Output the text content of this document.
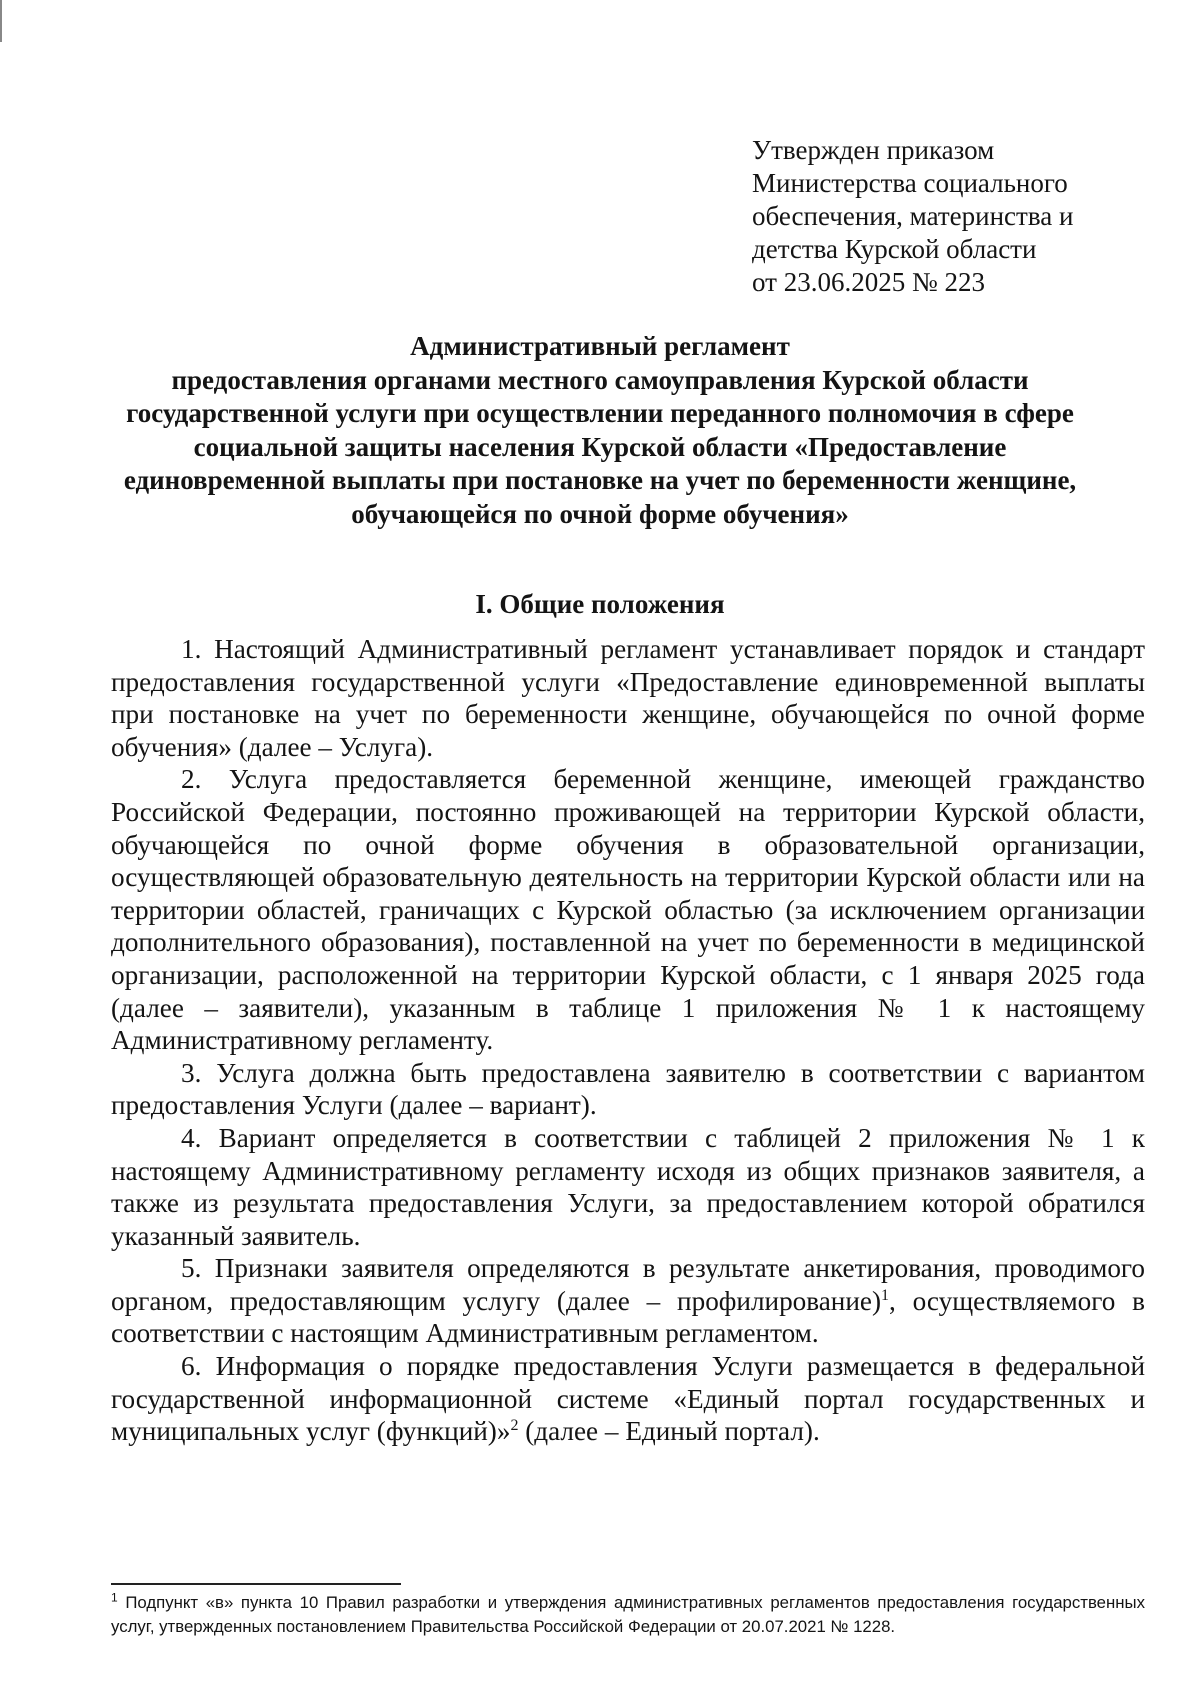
Утвержден приказом
Министерства социального
обеспечения, материнства и
детства Курской области
от 23.06.2025 № 223
Административный регламент
предоставления органами местного самоуправления Курской области
государственной услуги при осуществлении переданного полномочия в сфере
социальной защиты населения Курской области «Предоставление
единовременной выплаты при постановке на учет по беременности женщине,
обучающейся по очной форме обучения»
I. Общие положения

1. Настоящий Административный регламент устанавливает порядок и стандарт предоставления государственной услуги «Предоставление единовременной выплаты при постановке на учет по беременности женщине, обучающейся по очной форме обучения» (далее – Услуга).

2. Услуга предоставляется беременной женщине, имеющей гражданство Российской Федерации, постоянно проживающей на территории Курской области, обучающейся по очной форме обучения в образовательной организации, осуществляющей образовательную деятельность на территории Курской области или на территории областей, граничащих с Курской областью (за исключением организации дополнительного образования), поставленной на учет по беременности в медицинской организации, расположенной на территории Курской области, с 1 января 2025 года (далее – заявители), указанным в таблице 1 приложения № 1 к настоящему Административному регламенту.

3. Услуга должна быть предоставлена заявителю в соответствии с вариантом предоставления Услуги (далее – вариант).

4. Вариант определяется в соответствии с таблицей 2 приложения № 1 к настоящему Административному регламенту исходя из общих признаков заявителя, а также из результата предоставления Услуги, за предоставлением которой обратился указанный заявитель.

5. Признаки заявителя определяются в результате анкетирования, проводимого органом, предоставляющим услугу (далее – профилирование)$^1$, осуществляемого в соответствии с настоящим Административным регламентом.

6. Информация о порядке предоставления Услуги размещается в федеральной государственной информационной системе «Единый портал государственных и муниципальных услуг (функций)»$^2$ (далее – Единый портал).

$^1$ Подпункт «в» пункта 10 Правил разработки и утверждения административных регламентов предоставления государственных услуг, утвержденных постановлением Правительства Российской Федерации от 20.07.2021 № 1228.
